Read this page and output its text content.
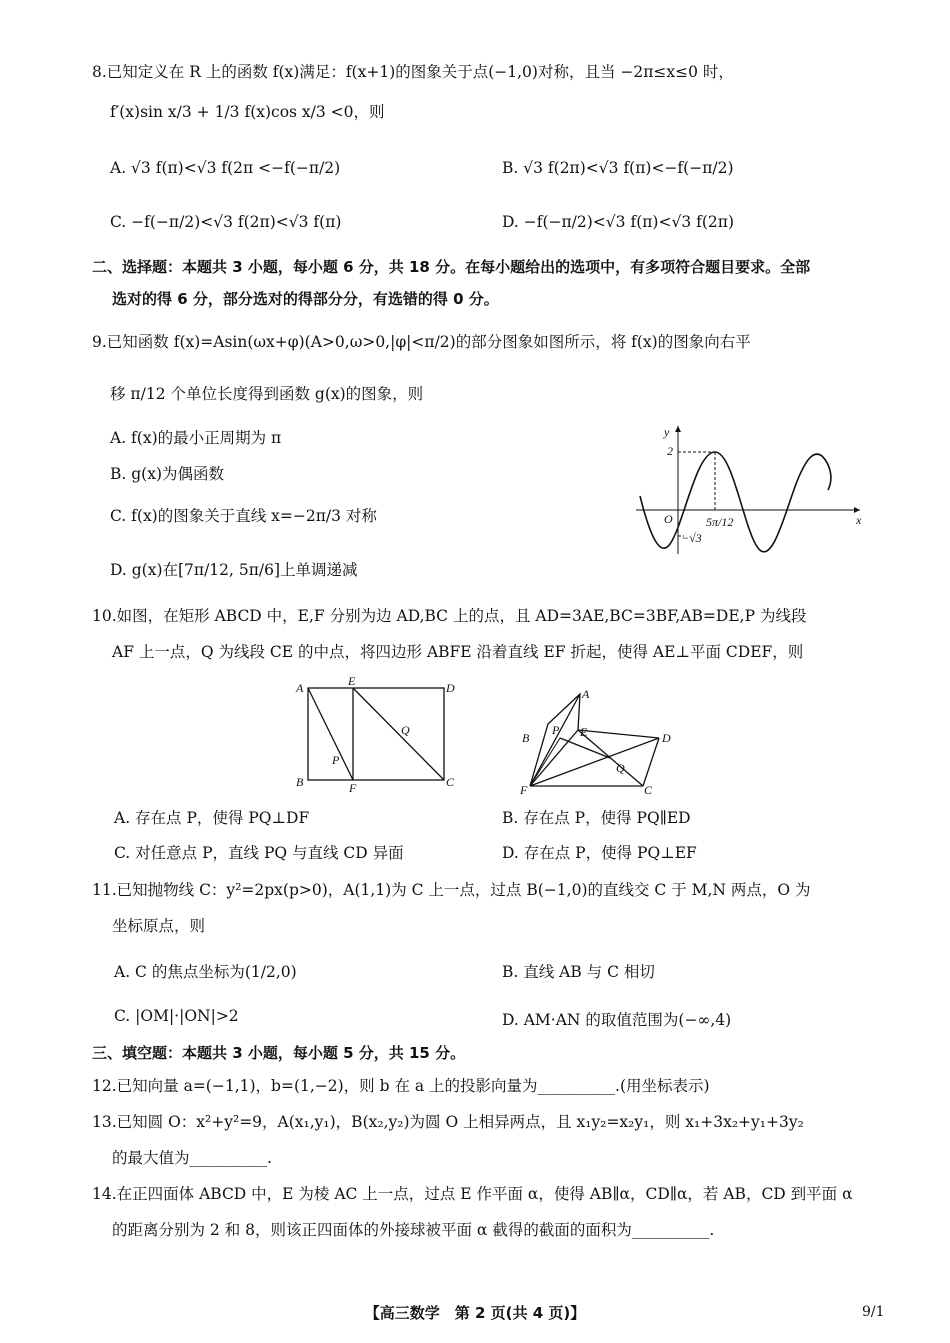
8.已知定义在 R 上的函数 f(x)满足：f(x+1)的图象关于点(−1,0)对称，且当 −2π≤x≤0 时，
f′(x)sin x/3 + 1/3 f(x)cos x/3 <0，则
A. √3 f(π)<√3 f(2π <−f(−π/2)	B. √3 f(2π)<√3 f(π)<−f(−π/2)
C. −f(−π/2)<√3 f(2π)<√3 f(π)	D. −f(−π/2)<√3 f(π)<√3 f(2π)
二、选择题：本题共 3 小题，每小题 6 分，共 18 分。在每小题给出的选项中，有多项符合题目要求。全部
选对的得 6 分，部分选对的得部分分，有选错的得 0 分。
9.已知函数 f(x)=Asin(ωx+φ)(A>0,ω>0,|φ|<π/2)的部分图象如图所示，将 f(x)的图象向右平
移 π/12 个单位长度得到函数 g(x)的图象，则
A. f(x)的最小正周期为 π
B. g(x)为偶函数
C. f(x)的图象关于直线 x=−2π/3 对称
D. g(x)在[7π/12, 5π/6]上单调递减
10.如图，在矩形 ABCD 中，E,F 分别为边 AD,BC 上的点，且 AD=3AE,BC=3BF,AB=DE,P 为线段
AF 上一点，Q 为线段 CE 的中点，将四边形 ABFE 沿着直线 EF 折起，使得 AE⊥平面 CDEF，则
A. 存在点 P，使得 PQ⊥DF	B. 存在点 P，使得 PQ∥ED
C. 对任意点 P，直线 PQ 与直线 CD 异面	D. 存在点 P，使得 PQ⊥EF
11.已知抛物线 C：y²=2px(p>0)，A(1,1)为 C 上一点，过点 B(−1,0)的直线交 C 于 M,N 两点，O 为
坐标原点，则
A. C 的焦点坐标为(1/2,0)	B. 直线 AB 与 C 相切
C. |OM|·|ON|>2	D. AM·AN 的取值范围为(−∞,4)
三、填空题：本题共 3 小题，每小题 5 分，共 15 分。
12.已知向量 a=(−1,1)，b=(1,−2)，则 b 在 a 上的投影向量为__________.(用坐标表示)
13.已知圆 O：x²+y²=9，A(x₁,y₁)，B(x₂,y₂)为圆 O 上相异两点，且 x₁y₂=x₂y₁，则 x₁+3x₂+y₁+3y₂
的最大值为__________.
14.在正四面体 ABCD 中，E 为棱 AC 上一点，过点 E 作平面 α，使得 AB∥α，CD∥α，若 AB，CD 到平面 α
的距离分别为 2 和 8，则该正四面体的外接球被平面 α 截得的截面的面积为__________.
2
−√3
5π/12	x
y
O
A	E	D
B	F	C
P
Q
A
B
P E	D
Q
F	C
【高三数学　第 2 页(共 4 页)】	9/1
